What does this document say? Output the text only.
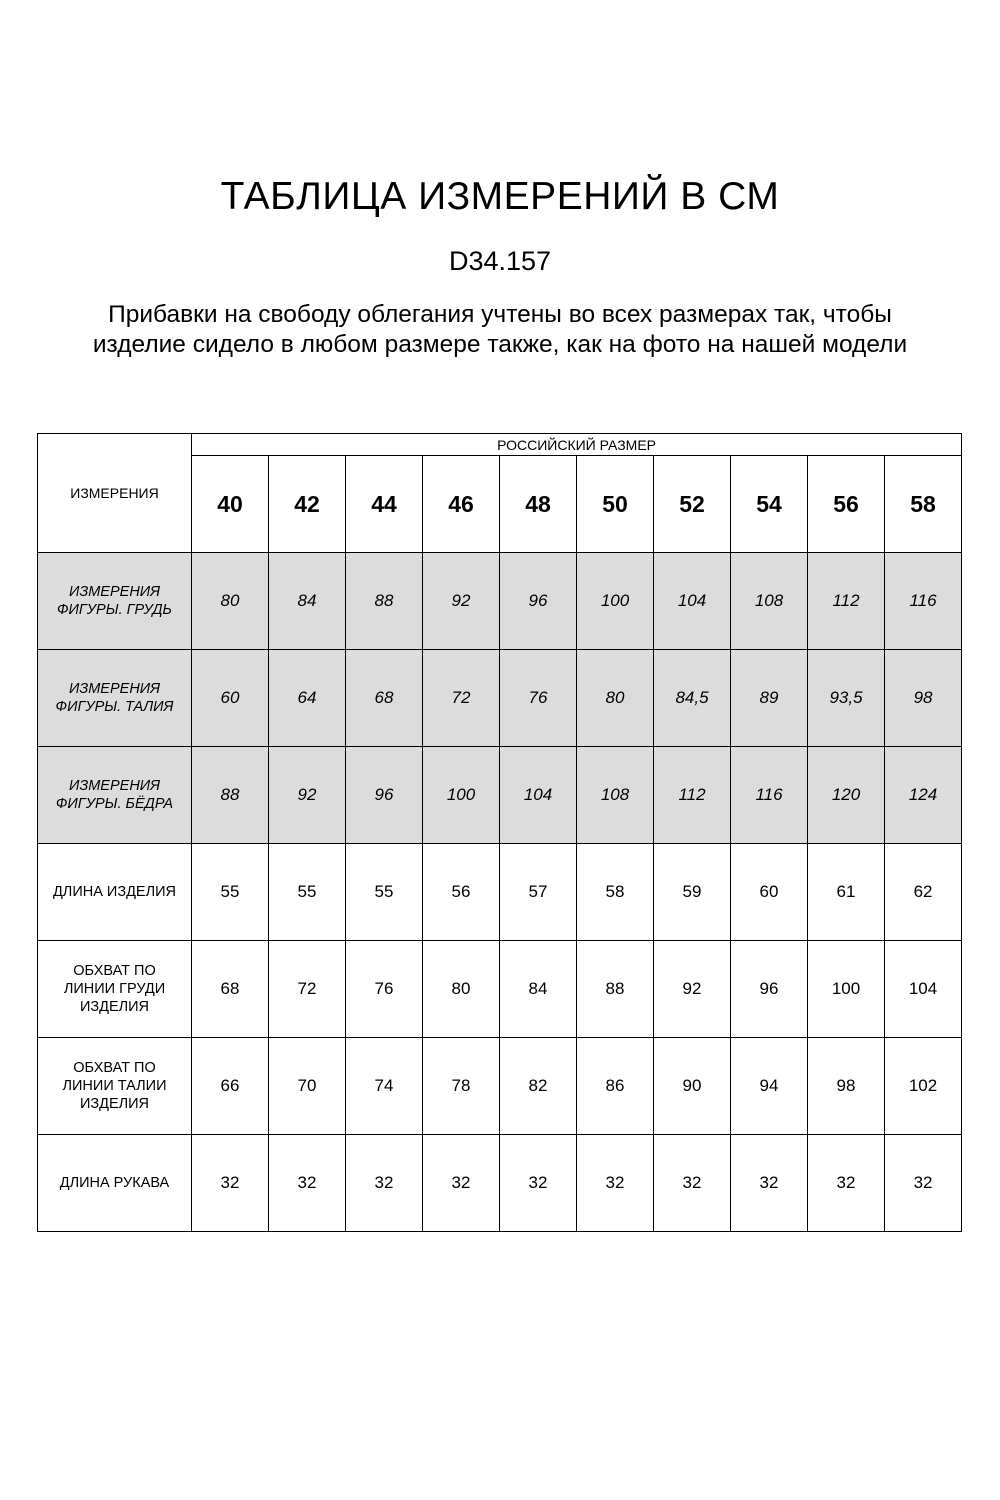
ТАБЛИЦА ИЗМЕРЕНИЙ В СМ
D34.157
Прибавки на свободу облегания учтены во всех размерах так, чтобы
изделие сидело в любом размере также, как на фото на нашей модели
ИЗМЕРЕНИЯ	РОССИЙСКИЙ РАЗМЕР									
	40	42	44	46	48	50	52	54	56	58

ИЗМЕРЕНИЯ
ФИГУРЫ. ГРУДЬ	80	84	88	92	96	100	104	108	112	116

ИЗМЕРЕНИЯ
ФИГУРЫ. ТАЛИЯ	60	64	68	72	76	80	84,5	89	93,5	98

ИЗМЕРЕНИЯ
ФИГУРЫ. БЁДРА	88	92	96	100	104	108	112	116	120	124

ДЛИНА ИЗДЕЛИЯ	55	55	55	56	57	58	59	60	61	62

ОБХВАТ ПО
ЛИНИИ ГРУДИ
ИЗДЕЛИЯ	68	72	76	80	84	88	92	96	100	104

ОБХВАТ ПО
ЛИНИИ ТАЛИИ
ИЗДЕЛИЯ	66	70	74	78	82	86	90	94	98	102

ДЛИНА РУКАВА	32	32	32	32	32	32	32	32	32	32
